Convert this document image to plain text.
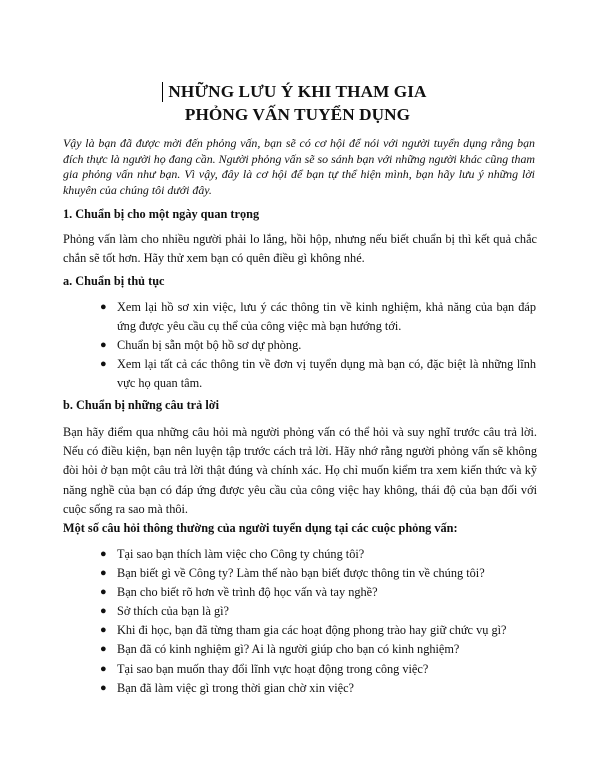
NHỮNG LƯU Ý KHI THAM GIA
PHỎNG VẤN TUYỂN DỤNG
Vậy là bạn đã được mời đến phỏng vấn, bạn sẽ có cơ hội để nói với người tuyển dụng rằng bạn đích thực là người họ đang cần. Người phỏng vấn sẽ so sánh bạn với những người khác cũng tham gia phỏng vấn như bạn. Vì vậy, đây là cơ hội để bạn tự thể hiện mình, bạn hãy lưu ý những lời khuyên của chúng tôi dưới đây.
1. Chuẩn bị cho một ngày quan trọng
Phỏng vấn làm cho nhiều người phải lo lắng, hồi hộp, nhưng nếu biết chuẩn bị thì kết quả chắc chắn sẽ tốt hơn. Hãy thử xem bạn có quên điều gì không nhé.
a. Chuẩn bị thủ tục
● Xem lại hồ sơ xin việc, lưu ý các thông tin về kinh nghiệm, khả năng của bạn đáp ứng được yêu cầu cụ thể của công việc mà bạn hướng tới.
● Chuẩn bị sẵn một bộ hồ sơ dự phòng.
● Xem lại tất cả các thông tin về đơn vị tuyển dụng mà bạn có, đặc biệt là những lĩnh vực họ quan tâm.
b. Chuẩn bị những câu trả lời
Bạn hãy điểm qua những câu hỏi mà người phỏng vấn có thể hỏi và suy nghĩ trước câu trả lời. Nếu có điều kiện, bạn nên luyện tập trước cách trả lời. Hãy nhớ rằng người phỏng vấn sẽ không đòi hỏi ở bạn một câu trả lời thật đúng và chính xác. Họ chỉ muốn kiểm tra xem kiến thức và kỹ năng nghề của bạn có đáp ứng được yêu cầu của công việc hay không, thái độ của bạn đối với cuộc sống ra sao mà thôi.
Một số câu hỏi thông thường của người tuyển dụng tại các cuộc phỏng vấn:
● Tại sao bạn thích làm việc cho Công ty chúng tôi?
● Bạn biết gì về Công ty? Làm thế nào bạn biết được thông tin về chúng tôi?
● Bạn cho biết rõ hơn về trình độ học vấn và tay nghề?
● Sở thích của bạn là gì?
● Khi đi học, bạn đã từng tham gia các hoạt động phong trào hay giữ chức vụ gì?
● Bạn đã có kinh nghiệm gì? Ai là người giúp cho bạn có kinh nghiệm?
● Tại sao bạn muốn thay đổi lĩnh vực hoạt động trong công việc?
● Bạn đã làm việc gì trong thời gian chờ xin việc?
